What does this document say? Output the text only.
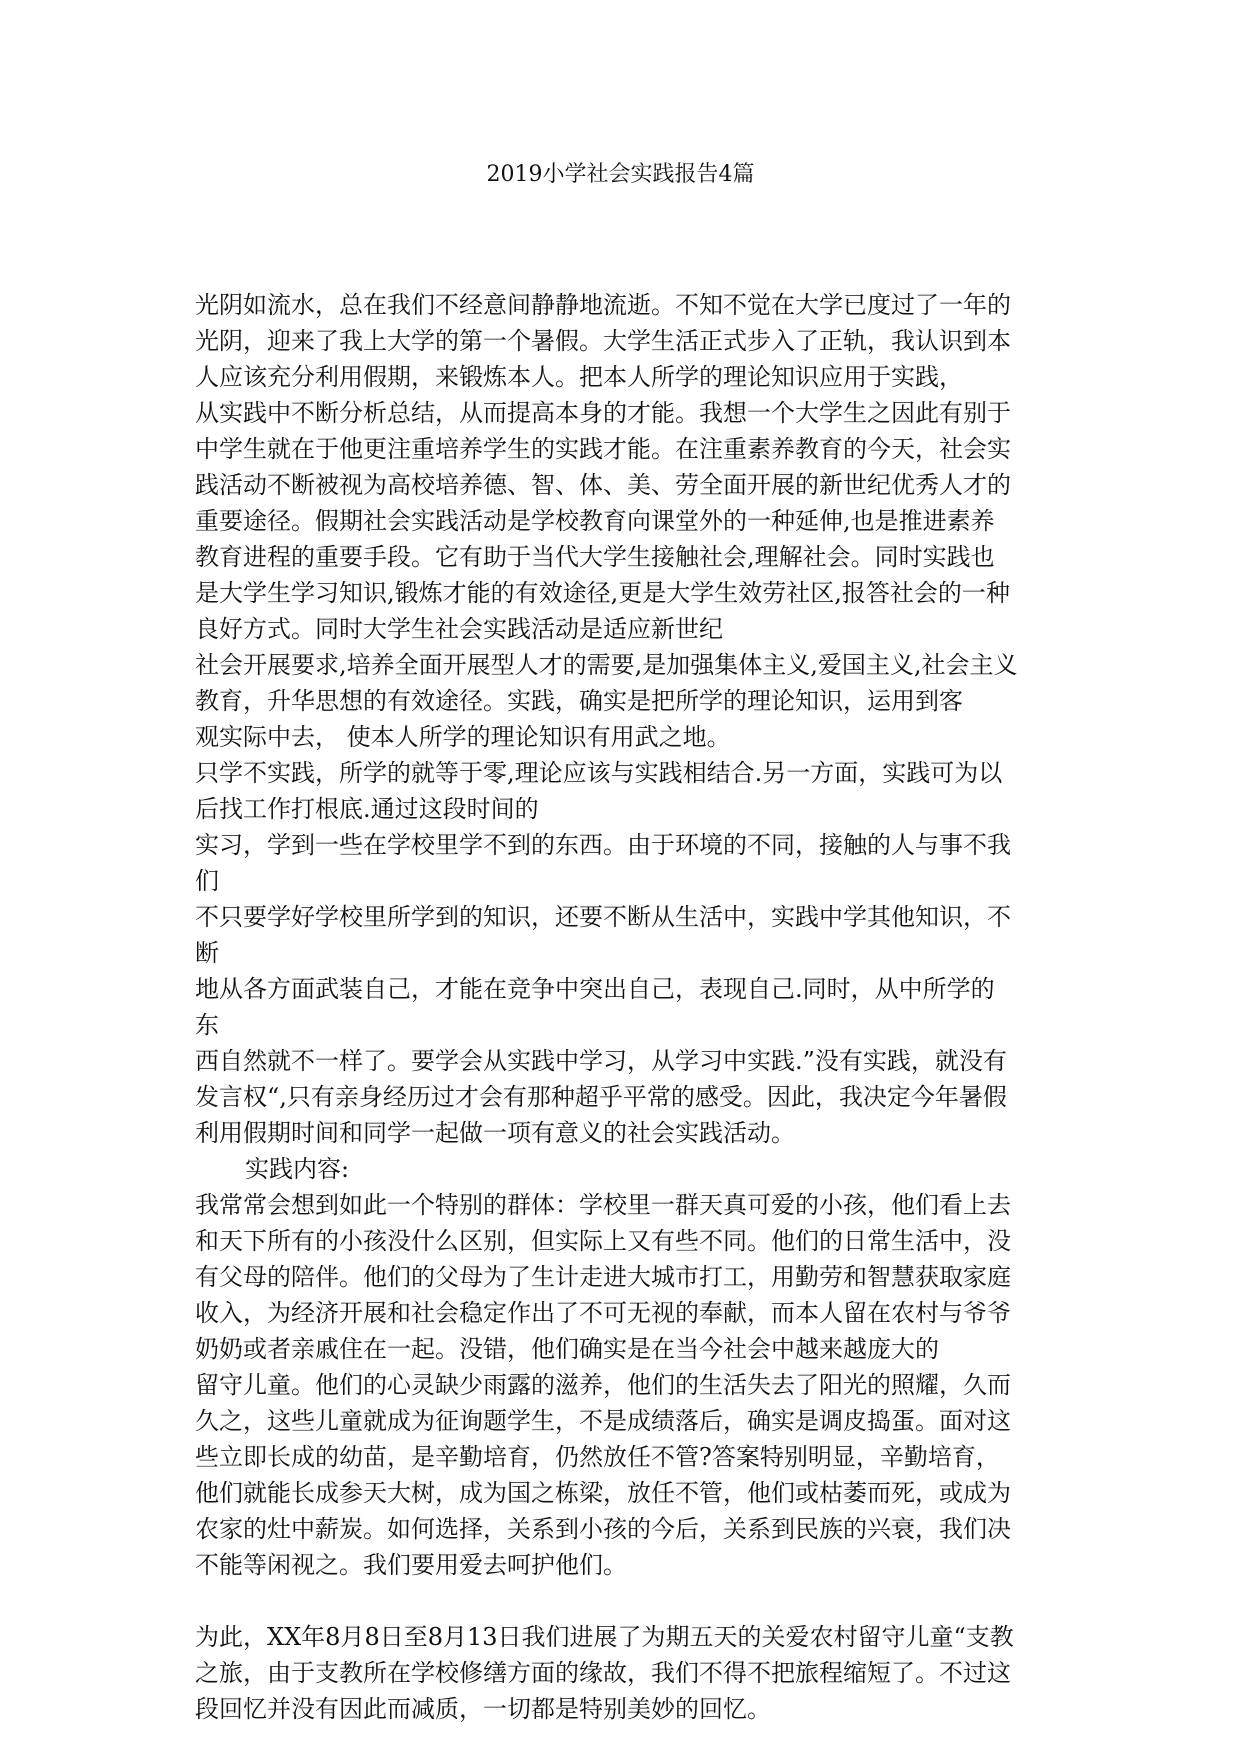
2019小学社会实践报告4篇
光阴如流水，总在我们不经意间静静地流逝。不知不觉在大学已度过了一年的
光阴，迎来了我上大学的第一个暑假。大学生活正式步入了正轨，我认识到本
人应该充分利用假期，来锻炼本人。把本人所学的理论知识应用于实践，
从实践中不断分析总结，从而提高本身的才能。我想一个大学生之因此有别于
中学生就在于他更注重培养学生的实践才能。在注重素养教育的今天，社会实
践活动不断被视为高校培养德、智、体、美、劳全面开展的新世纪优秀人才的
重要途径。假期社会实践活动是学校教育向课堂外的一种延伸,也是推进素养
教育进程的重要手段。它有助于当代大学生接触社会,理解社会。同时实践也
是大学生学习知识,锻炼才能的有效途径,更是大学生效劳社区,报答社会的一种
良好方式。同时大学生社会实践活动是适应新世纪
社会开展要求,培养全面开展型人才的需要,是加强集体主义,爱国主义,社会主义
教育，升华思想的有效途径。实践，确实是把所学的理论知识，运用到客
观实际中去， 使本人所学的理论知识有用武之地。
只学不实践，所学的就等于零,理论应该与实践相结合.另一方面，实践可为以
后找工作打根底.通过这段时间的
实习，学到一些在学校里学不到的东西。由于环境的不同，接触的人与事不我
们
不只要学好学校里所学到的知识，还要不断从生活中，实践中学其他知识，不
断
地从各方面武装自己，才能在竞争中突出自己，表现自己.同时，从中所学的
东
西自然就不一样了。要学会从实践中学习，从学习中实践.”没有实践，就没有
发言权“,只有亲身经历过才会有那种超乎平常的感受。因此，我决定今年暑假
利用假期时间和同学一起做一项有意义的社会实践活动。
实践内容:
我常常会想到如此一个特别的群体：学校里一群天真可爱的小孩，他们看上去
和天下所有的小孩没什么区别，但实际上又有些不同。他们的日常生活中，没
有父母的陪伴。他们的父母为了生计走进大城市打工，用勤劳和智慧获取家庭
收入，为经济开展和社会稳定作出了不可无视的奉献，而本人留在农村与爷爷
奶奶或者亲戚住在一起。没错，他们确实是在当今社会中越来越庞大的
留守儿童。他们的心灵缺少雨露的滋养，他们的生活失去了阳光的照耀，久而
久之，这些儿童就成为征询题学生，不是成绩落后，确实是调皮捣蛋。面对这
些立即长成的幼苗，是辛勤培育，仍然放任不管?答案特别明显，辛勤培育，
他们就能长成参天大树，成为国之栋梁，放任不管，他们或枯萎而死，或成为
农家的灶中薪炭。如何选择，关系到小孩的今后，关系到民族的兴衰，我们决
不能等闲视之。我们要用爱去呵护他们。
为此，XX年8月8日至8月13日我们进展了为期五天的关爱农村留守儿童“支教
之旅，由于支教所在学校修缮方面的缘故，我们不得不把旅程缩短了。不过这
段回忆并没有因此而减质，一切都是特别美妙的回忆。
